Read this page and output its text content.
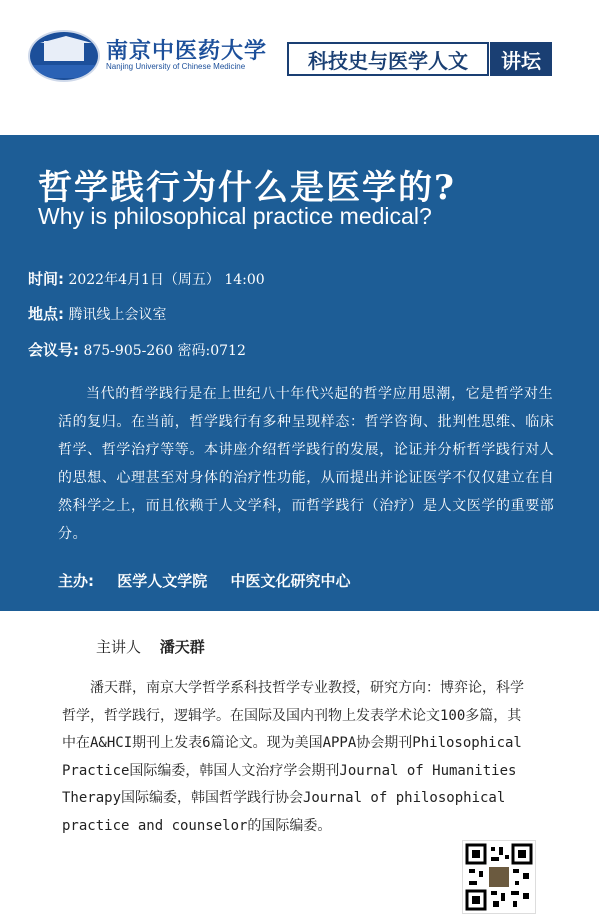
南京中医药大学
Nanjing University of Chinese Medicine	科技史与医学人文	讲坛
哲学践行为什么是医学的?
Why is philosophical practice medical?
时间: 2022年4月1日（周五） 14:00
地点: 腾讯线上会议室
会议号: 875-905-260 密码:0712

当代的哲学践行是在上世纪八十年代兴起的哲学应用思潮，它是哲学对生活的复归。在当前，哲学践行有多种呈现样态：哲学咨询、批判性思维、临床哲学、哲学治疗等等。本讲座介绍哲学践行的发展，论证并分析哲学践行对人的思想、心理甚至对身体的治疗性功能，从而提出并论证医学不仅仅建立在自然科学之上，而且依赖于人文学科，而哲学践行（治疗）是人文医学的重要部分。

主办: 医学人文学院 中医文化研究中心
主讲人 潘天群

潘天群，南京大学哲学系科技哲学专业教授，研究方向：博弈论，科学哲学，哲学践行，逻辑学。在国际及国内刊物上发表学术论文100多篇，其中在A&HCI期刊上发表6篇论文。现为美国APPA协会期刊Philosophical Practice国际编委，韩国人文治疗学会期刊Journal of Humanities Therapy国际编委，韩国哲学践行协会Journal of philosophical practice and counselor的国际编委。
